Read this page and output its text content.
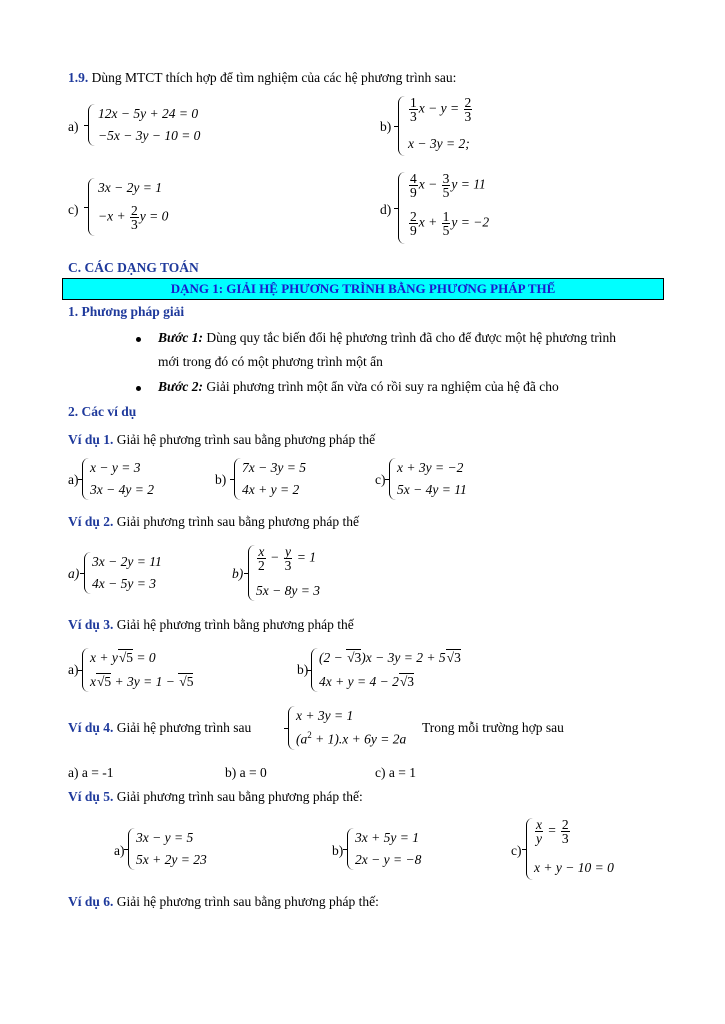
1.9. Dùng MTCT thích hợp để tìm nghiệm của các hệ phương trình sau:
a)
12x − 5y + 24 = 0
−5x − 3y − 10 = 0
b)
$\frac{1}{3}$ $x - y = \frac{2}{3}$
x − 3y = 2;
c)
3x − 2y = 1
$-x + \frac{2}{3}$ y = 0	d)
$\frac{4}{9}$ $x - \frac{3}{5}$ y = 11
$\frac{2}{9}$ $x + \frac{1}{5}$ y = −2
C. CÁC DẠNG TOÁN
DẠNG 1: GIẢI HỆ PHƯƠNG TRÌNH BẰNG PHƯƠNG PHÁP THẾ
1. Phương pháp giải
Bước 1: Dùng quy tắc biến đổi hệ phương trình đã cho để được một hệ phương trình
mới trong đó có một phương trình một ẩn
Bước 2: Giải phương trình một ẩn vừa có rồi suy ra nghiệm của hệ đã cho
2. Các ví dụ
Ví dụ 1. Giải hệ phương trình sau bằng phương pháp thế
a)
x − y = 3
3x − 4y = 2
b)
7x − 3y = 5
4x + y = 2
c)
x + 3y = −2
5x − 4y = 11
Ví dụ 2. Giải phương trình sau bằng phương pháp thế
a)
3x − 2y = 11
4x − 5y = 3
b)
$\frac{x}{2} - \frac{y}{3} = 1$
5x − 8y = 3
Ví dụ 3. Giải hệ phương trình bằng phương pháp thế
a)
x + y √ 5 = 0
x √ 5 + 3y = 1 − √ 5
b)
(2 − √ 3)x − 3y = 2 + 5 √ 3
4x + y = 4 − 2 √ 3
Ví dụ 4. Giải hệ phương trình sau
x + 3y = 1
$(a^2 + 1).x + 6y = 2a$
Trong mỗi trường hợp sau
a) a = -1	b) a = 0	c) a = 1
Ví dụ 5. Giải phương trình sau bằng phương pháp thế:
a)
3x − y = 5
5x + 2y = 23
b)
3x + 5y = 1
2x − y = −8
c)
$\frac{x}{y} = \frac{2}{3}$
x + y − 10 = 0
Ví dụ 6. Giải hệ phương trình sau bằng phương pháp thế:
